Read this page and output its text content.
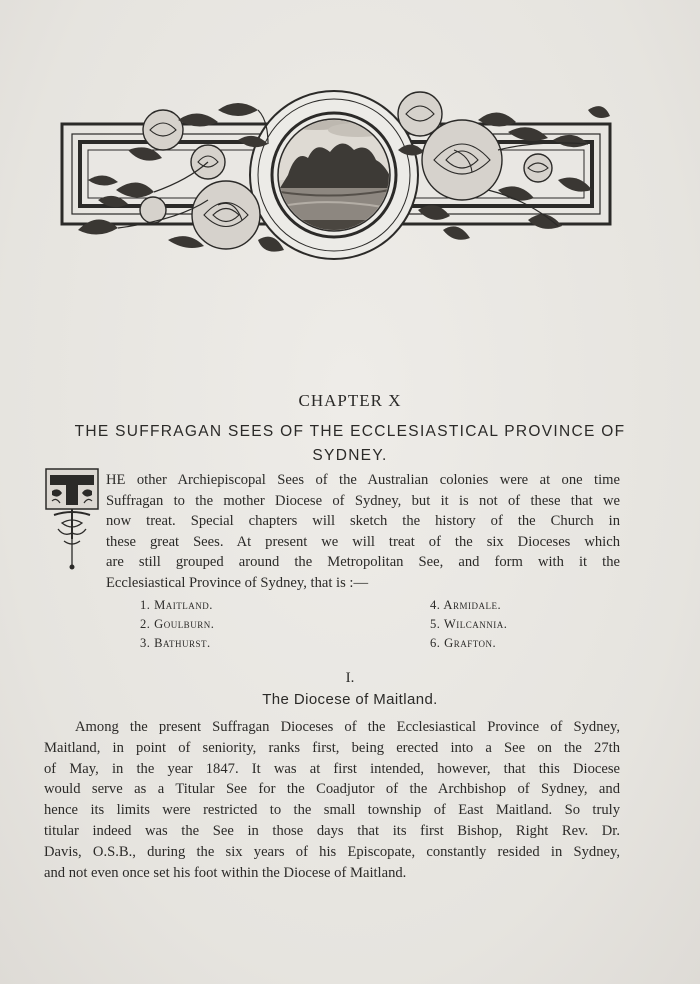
CHAPTER X
THE SUFFRAGAN SEES OF THE ECCLESIASTICAL PROVINCE OF SYDNEY.
HE other Archiepiscopal Sees of the Australian colonies were at one time
Suffragan to the mother Diocese of Sydney, but it is not of these that we
now treat. Special chapters will sketch the history of the Church in
these great Sees. At present we will treat of the six Dioceses which
are still grouped around the Metropolitan See, and form with it the
Ecclesiastical Province of Sydney, that is :—
1. Maitland.
2. Goulburn.
3. Bathurst.
4. Armidale.
5. Wilcannia.
6. Grafton.
I.
The Diocese of Maitland.
Among the present Suffragan Dioceses of the Ecclesiastical Province of Sydney,
Maitland, in point of seniority, ranks first, being erected into a See on the 27th
of May, in the year 1847. It was at first intended, however, that this Diocese
would serve as a Titular See for the Coadjutor of the Archbishop of Sydney, and
hence its limits were restricted to the small township of East Maitland. So truly
titular indeed was the See in those days that its first Bishop, Right Rev. Dr.
Davis, O.S.B., during the six years of his Episcopate, constantly resided in Sydney,
and not even once set his foot within the Diocese of Maitland.
